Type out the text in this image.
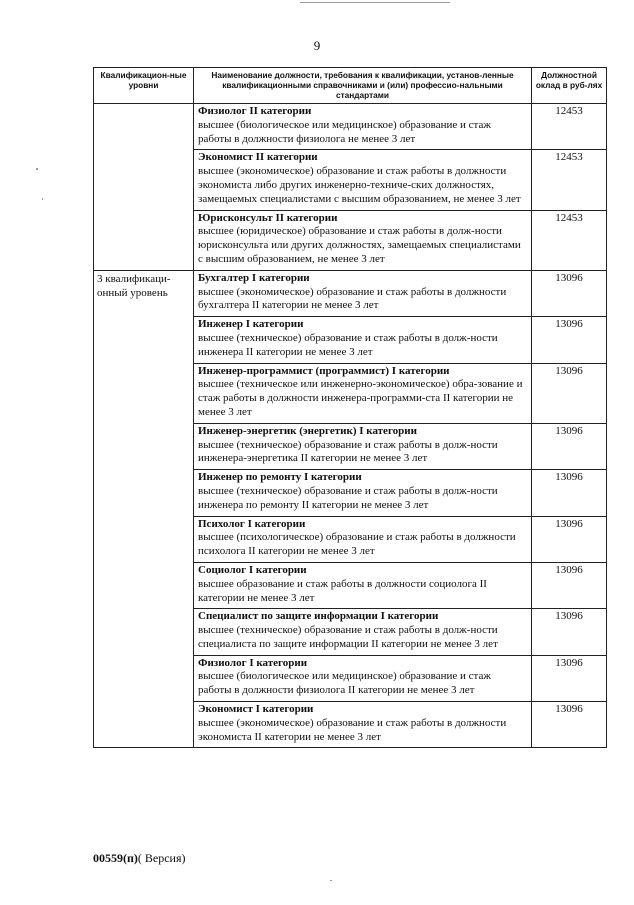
9
Квалификацион-ные уровни	Наименование должности, требования к квалификации, установ-ленные квалификационными справочниками и (или) профессио-нальными стандартами	Должностной оклад в руб-лях

	Физиолог II категории
высшее (биологическое или медицинское) образование и стаж работы в должности физиолога не менее 3 лет	12453

	Экономист II категории
высшее (экономическое) образование и стаж работы в должности экономиста либо других инженерно-техниче-ских должностях, замещаемых специалистами с высшим образованием, не менее 3 лет	12453

	Юрисконсульт II категории
высшее (юридическое) образование и стаж работы в долж-ности юрисконсульта или других должностях, замещаемых специалистами с высшим образованием, не менее 3 лет	12453
3 квалификаци-онный уровень	Бухгалтер I категории
высшее (экономическое) образование и стаж работы в должности бухгалтера II категории не менее 3 лет	13096

	Инженер I категории
высшее (техническое) образование и стаж работы в долж-ности инженера II категории не менее 3 лет	13096

	Инженер-программист (программист) I категории
высшее (техническое или инженерно-экономическое) обра-зование и стаж работы в должности инженера-программи-ста II категории не менее 3 лет	13096

	Инженер-энергетик (энергетик) I категории
высшее (техническое) образование и стаж работы в долж-ности инженера-энергетика II категории не менее 3 лет	13096

	Инженер по ремонту I категории
высшее (техническое) образование и стаж работы в долж-ности инженера по ремонту II категории не менее 3 лет	13096

	Психолог I категории
высшее (психологическое) образование и стаж работы в должности психолога II категории не менее 3 лет	13096

	Социолог I категории
высшее образование и стаж работы в должности социолога II категории не менее 3 лет	13096

	Специалист по защите информации I категории
высшее (техническое) образование и стаж работы в долж-ности специалиста по защите информации II категории не менее 3 лет	13096

	Физиолог I категории
высшее (биологическое или медицинское) образование и стаж работы в должности физиолога II категории не менее 3 лет	13096

	Экономист I категории
высшее (экономическое) образование и стаж работы в должности экономиста II категории не менее 3 лет	13096
00559(п)( Версия)
